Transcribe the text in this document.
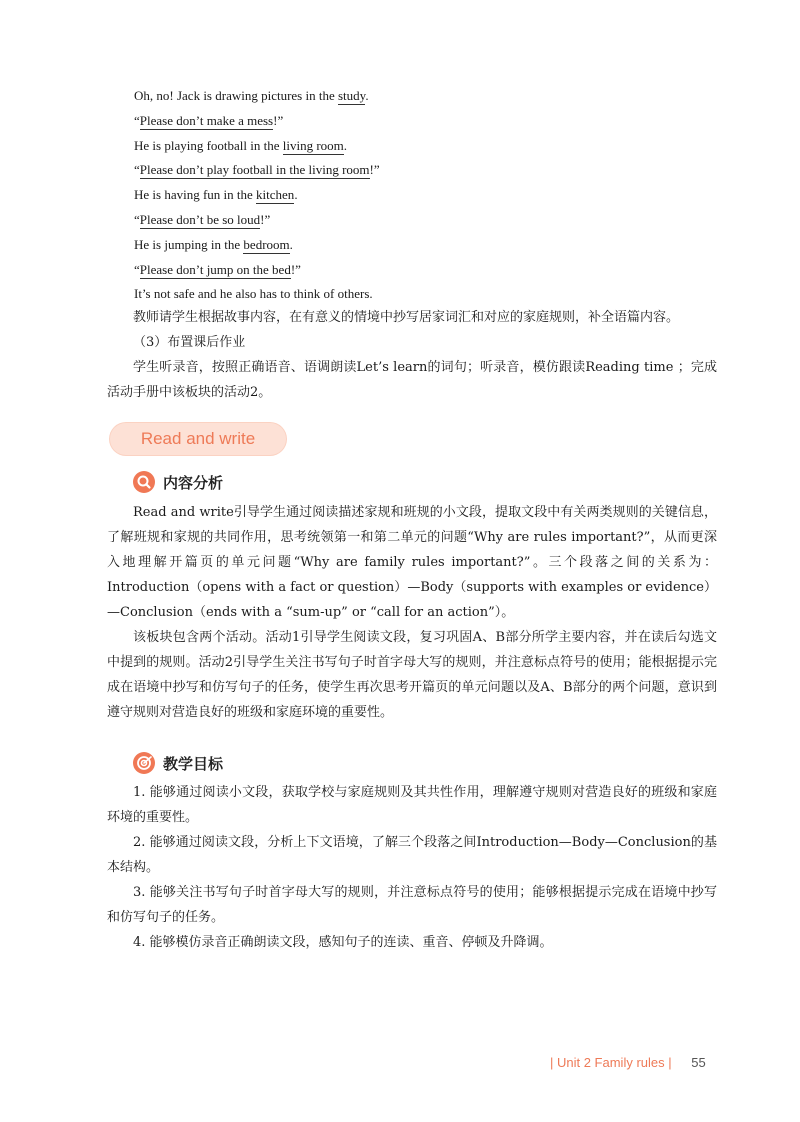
Oh, no! Jack is drawing pictures in the study.
“Please don’t make a mess!”
He is playing football in the living room.
“Please don’t play football in the living room!”
He is having fun in the kitchen.
“Please don’t be so loud!”
He is jumping in the bedroom.
“Please don’t jump on the bed!”
It’s not safe and he also has to think of others.
教师请学生根据故事内容，在有意义的情境中抄写居家词汇和对应的家庭规则，补全语篇内容。
（3）布置课后作业
学生听录音，按照正确语音、语调朗读Let’s learn的词句；听录音，模仿跟读Reading time ；完成活动手册中该板块的活动2。
Read and write
内容分析
Read and write引导学生通过阅读描述家规和班规的小文段，提取文段中有关两类规则的关键信息，了解班规和家规的共同作用，思考统领第一和第二单元的问题“Why are rules important?”，从而更深入地理解开篇页的单元问题“Why are family rules important?”。三个段落之间的关系为：Introduction（opens with a fact or question）—Body（supports with examples or evidence）—Conclusion（ends with a “sum-up” or “call for an action”）。
该板块包含两个活动。活动1引导学生阅读文段，复习巩固A、B部分所学主要内容，并在读后勾选文中提到的规则。活动2引导学生关注书写句子时首字母大写的规则，并注意标点符号的使用；能根据提示完成在语境中抄写和仿写句子的任务，使学生再次思考开篇页的单元问题以及A、B部分的两个问题，意识到遵守规则对营造良好的班级和家庭环境的重要性。
教学目标
1. 能够通过阅读小文段，获取学校与家庭规则及其共性作用，理解遵守规则对营造良好的班级和家庭环境的重要性。
2. 能够通过阅读文段，分析上下文语境，了解三个段落之间Introduction—Body—Conclusion的基本结构。
3. 能够关注书写句子时首字母大写的规则，并注意标点符号的使用；能够根据提示完成在语境中抄写和仿写句子的任务。
4. 能够模仿录音正确朗读文段，感知句子的连读、重音、停顿及升降调。
| Unit 2 Family rules | 55
